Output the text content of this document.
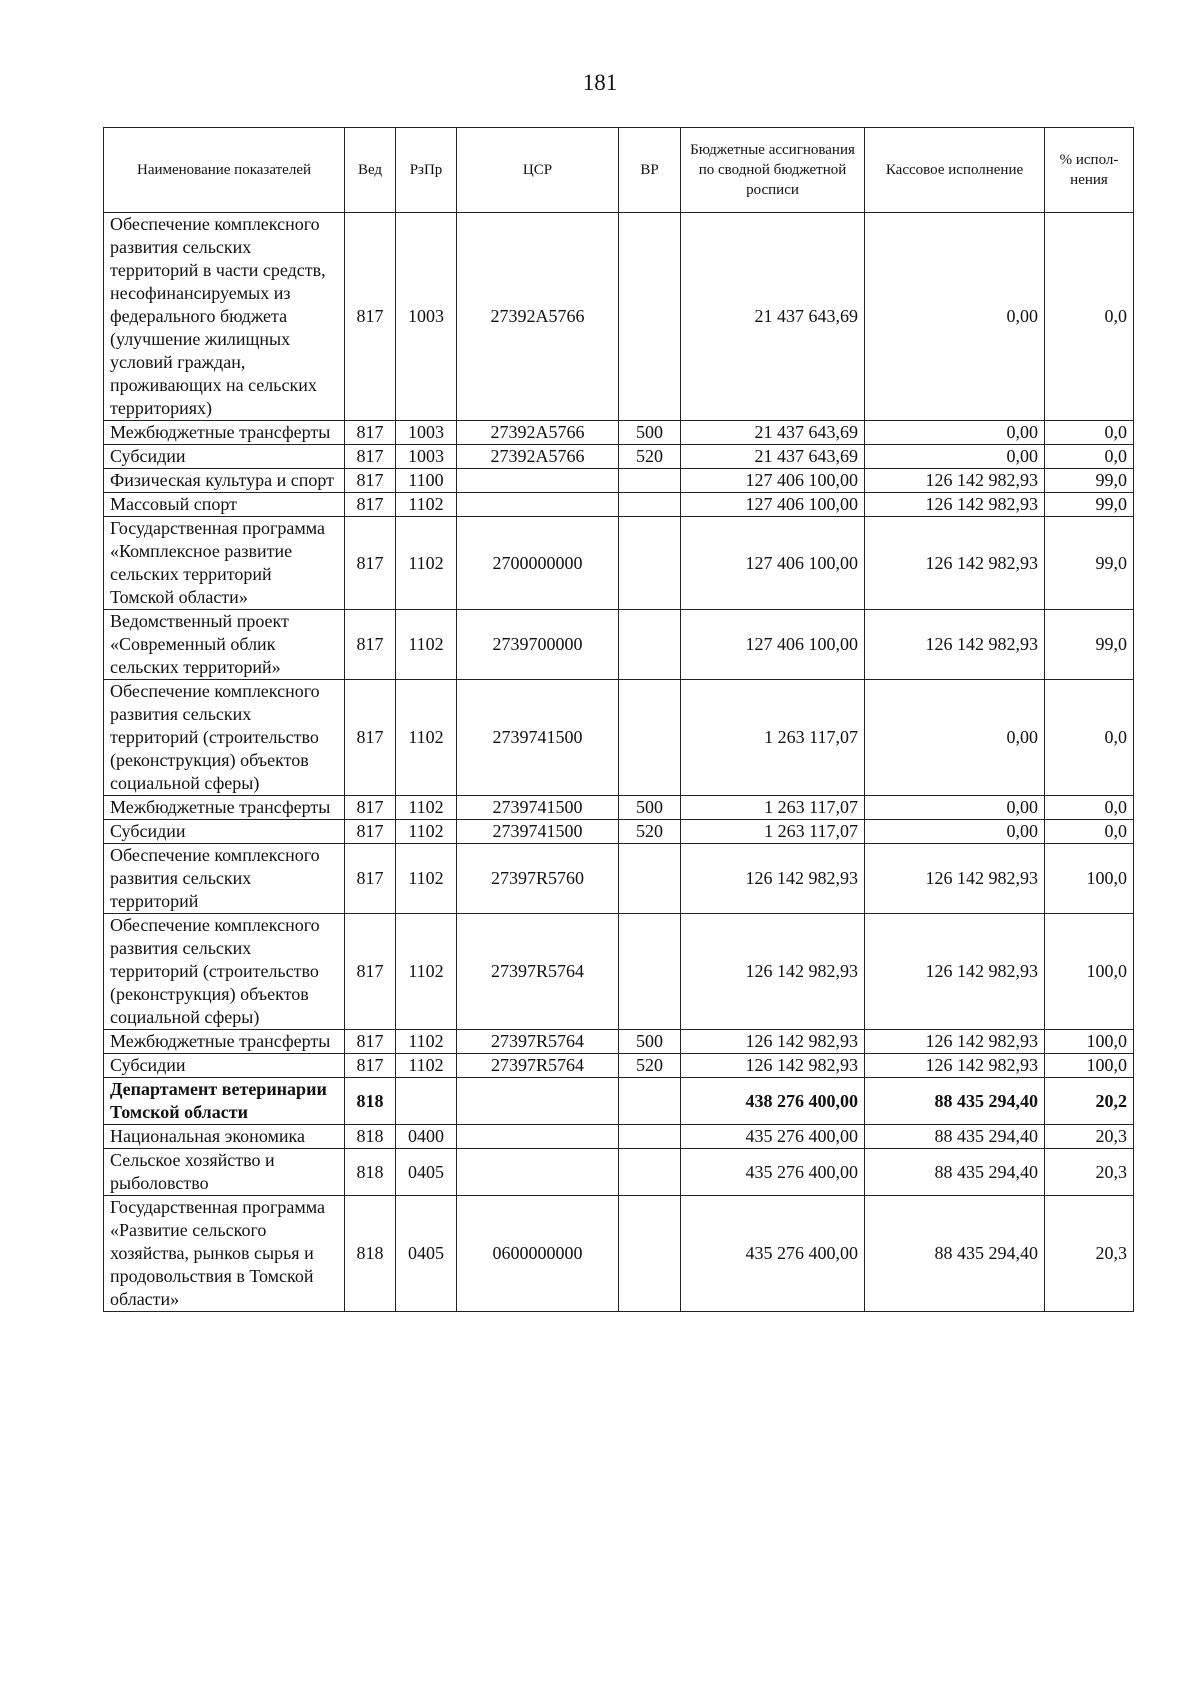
181
Наименование показателей	Вед	РзПр	ЦСР	ВР	Бюджетные ассигнования по сводной бюджетной росписи	Кассовое исполнение	% испол-нения
Обеспечение комплексного развития сельских территорий в части средств, несофинансируемых из федерального бюджета (улучшение жилищных условий граждан, проживающих на сельских территориях)	817	1003	27392A5766		21 437 643,69	0,00	0,0
Межбюджетные трансферты	817	1003	27392A5766	500	21 437 643,69	0,00	0,0
Субсидии	817	1003	27392A5766	520	21 437 643,69	0,00	0,0
Физическая культура и спорт	817	1100			127 406 100,00	126 142 982,93	99,0
Массовый спорт	817	1102			127 406 100,00	126 142 982,93	99,0
Государственная программа «Комплексное развитие сельских территорий Томской области»	817	1102	2700000000		127 406 100,00	126 142 982,93	99,0
Ведомственный проект «Современный облик сельских территорий»	817	1102	2739700000		127 406 100,00	126 142 982,93	99,0
Обеспечение комплексного развития сельских территорий (строительство (реконструкция) объектов социальной сферы)	817	1102	2739741500		1 263 117,07	0,00	0,0
Межбюджетные трансферты	817	1102	2739741500	500	1 263 117,07	0,00	0,0
Субсидии	817	1102	2739741500	520	1 263 117,07	0,00	0,0
Обеспечение комплексного развития сельских территорий	817	1102	27397R5760		126 142 982,93	126 142 982,93	100,0
Обеспечение комплексного развития сельских территорий (строительство (реконструкция) объектов социальной сферы)	817	1102	27397R5764		126 142 982,93	126 142 982,93	100,0
Межбюджетные трансферты	817	1102	27397R5764	500	126 142 982,93	126 142 982,93	100,0
Субсидии	817	1102	27397R5764	520	126 142 982,93	126 142 982,93	100,0
Департамент ветеринарии Томской области	818				438 276 400,00	88 435 294,40	20,2
Национальная экономика	818	0400			435 276 400,00	88 435 294,40	20,3
Сельское хозяйство и рыболовство	818	0405			435 276 400,00	88 435 294,40	20,3
Государственная программа «Развитие сельского хозяйства, рынков сырья и продовольствия в Томской области»	818	0405	0600000000		435 276 400,00	88 435 294,40	20,3
